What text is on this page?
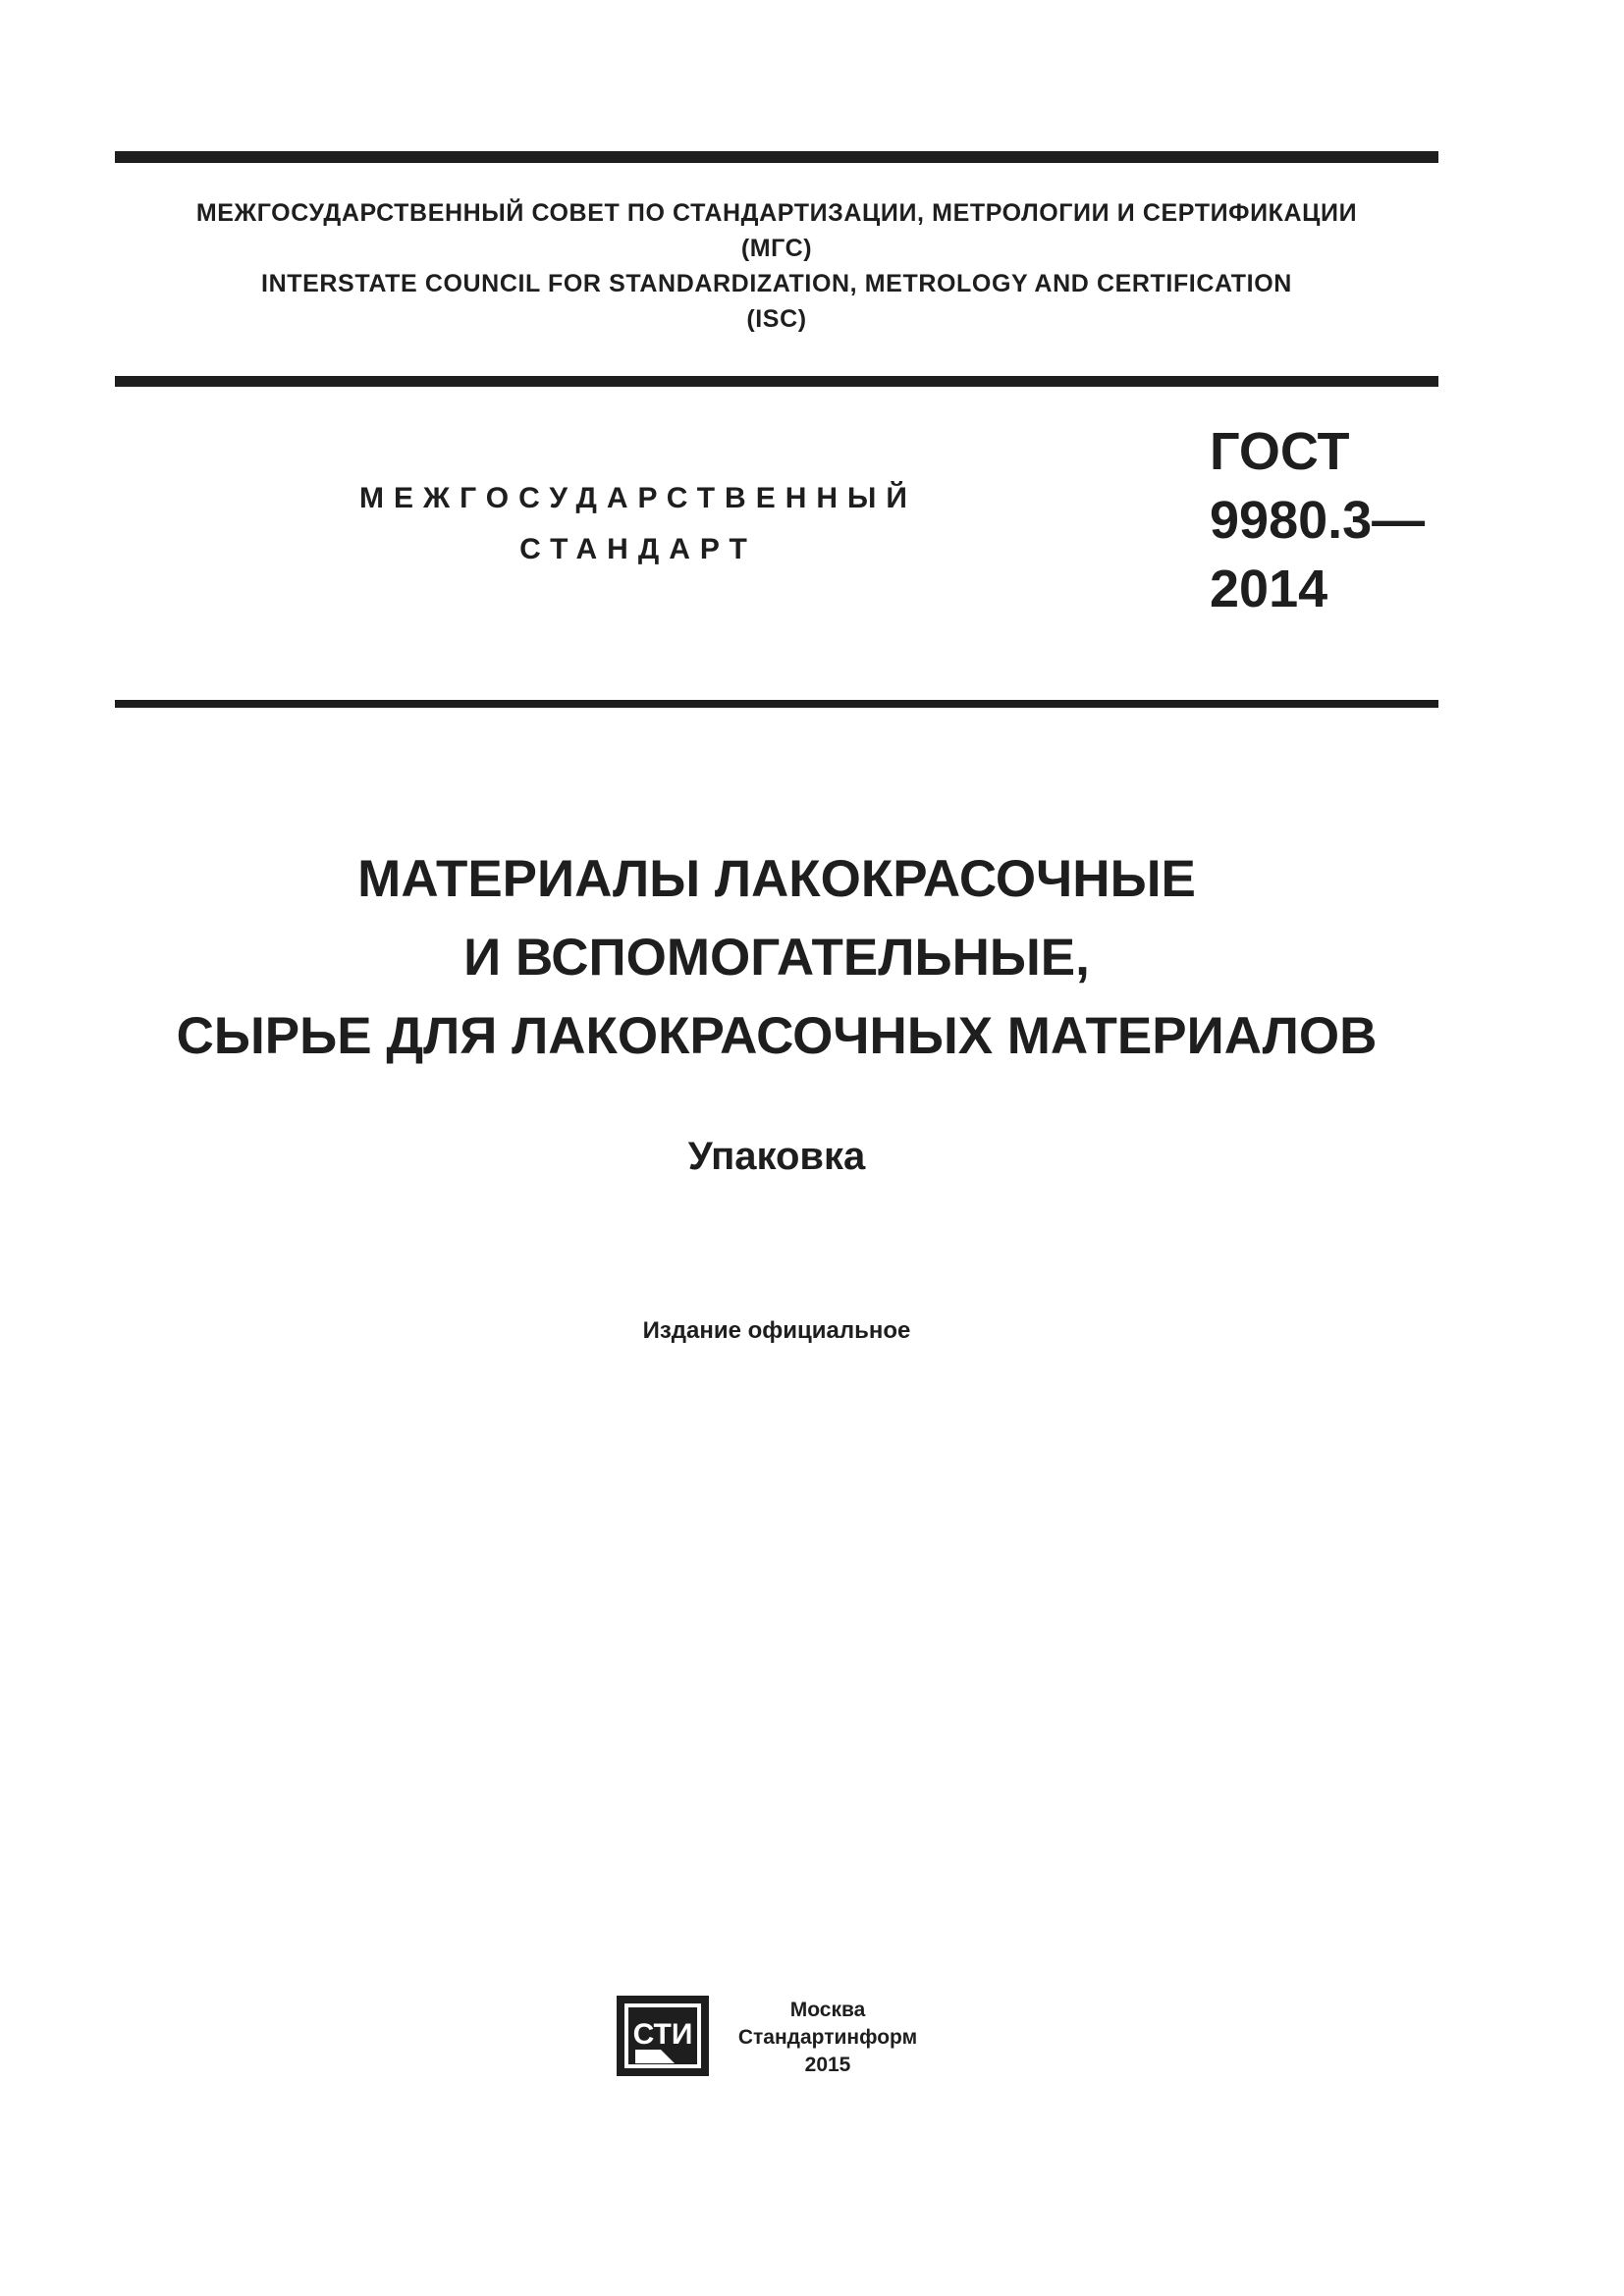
МЕЖГОСУДАРСТВЕННЫЙ СОВЕТ ПО СТАНДАРТИЗАЦИИ, МЕТРОЛОГИИ И СЕРТИФИКАЦИИ
(МГС)
INTERSTATE COUNCIL FOR STANDARDIZATION, METROLOGY AND CERTIFICATION
(ISC)
МЕЖГОСУДАРСТВЕННЫЙ
СТАНДАРТ
ГОСТ
9980.3—
2014
МАТЕРИАЛЫ ЛАКОКРАСОЧНЫЕ
И ВСПОМОГАТЕЛЬНЫЕ,
СЫРЬЕ ДЛЯ ЛАКОКРАСОЧНЫХ МАТЕРИАЛОВ
Упаковка
Издание официальное
СТИ
Москва
Стандартинформ
2015
